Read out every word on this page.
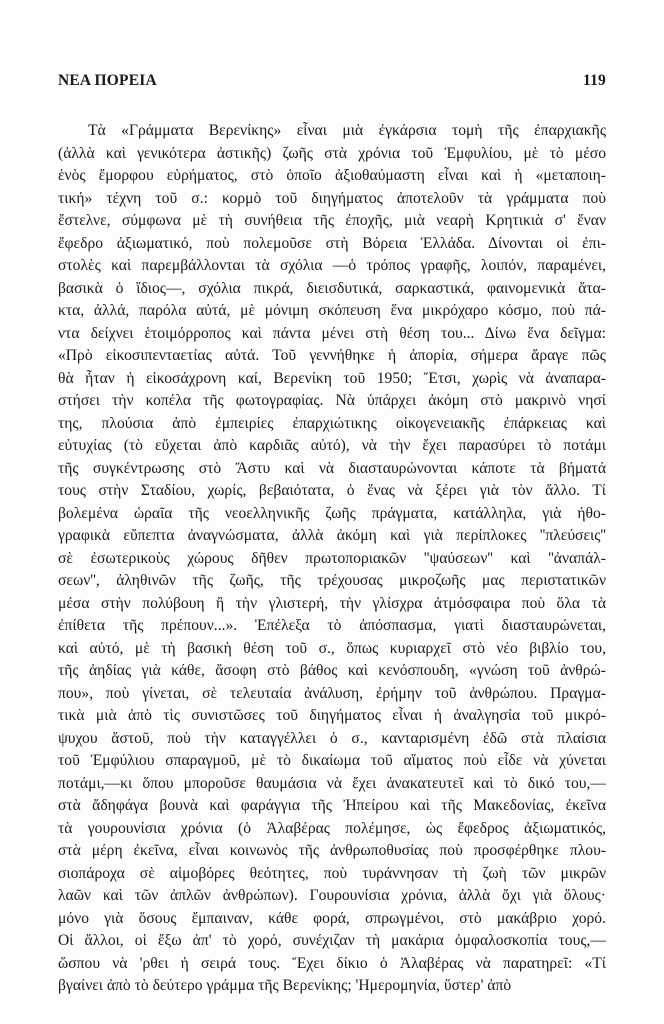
ΝΕΑ ΠΟΡΕΙΑ	119
Τὰ «Γράμματα Βερενίκης» εἶναι μιὰ ἐγκάρσια τομὴ τῆς ἐπαρχιακῆς
(ἀλλὰ καὶ γενικότερα ἀστικῆς) ζωῆς στὰ χρόνια τοῦ Ἐμφυλίου, μὲ τὸ μέσο
ἑνὸς ἔμορφου εὑρήματος, στὸ ὁποῖο ἀξιοθαύμαστη εἶναι καὶ ἡ «μεταποιη-
τική» τέχνη τοῦ σ.: κορμὸ τοῦ διηγήματος ἀποτελοῦν τὰ γράμματα ποὺ
ἔστελνε, σύμφωνα μὲ τὴ συνήθεια τῆς ἐποχῆς, μιὰ νεαρὴ Κρητικιὰ σ' ἕναν
ἔφεδρο ἀξιωματικό, ποὺ πολεμοῦσε στὴ Βόρεια Ἑλλάδα. Δίνονται οἱ ἐπι-
στολὲς καὶ παρεμβάλλονται τὰ σχόλια —ὁ τρόπος γραφῆς, λοιπόν, παραμένει,
βασικὰ ὁ ἴδιος—, σχόλια πικρά, διεισδυτικά, σαρκαστικά, φαινομενικὰ ἄτα-
κτα, ἀλλά, παρόλα αὐτά, μὲ μόνιμη σκόπευση ἕνα μικρόχαρο κόσμο, ποὺ πά-
ντα δείχνει ἑτοιμόρροπος καὶ πάντα μένει στὴ θέση του... Δίνω ἕνα δεῖγμα:
«Πρὸ εἰκοσιπενταετίας αὐτά. Τοῦ γεννήθηκε ἡ ἀπορία, σήμερα ἄραγε πῶς
θὰ ἦταν ἡ εἰκοσάχρονη καί, Βερενίκη τοῦ 1950; Ἔτσι, χωρὶς νὰ ἀναπαρα-
στήσει τὴν κοπέλα τῆς φωτογραφίας. Νὰ ὑπάρχει ἀκόμη στὸ μακρινὸ νησί
της, πλούσια ἀπὸ ἐμπειρίες ἐπαρχιώτικης οἰκογενειακῆς ἐπάρκειας καὶ
εὐτυχίας (τὸ εὔχεται ἀπὸ καρδιᾶς αὐτό), νὰ τὴν ἔχει παρασύρει τὸ ποτάμι
τῆς συγκέντρωσης στὸ Ἄστυ καὶ νὰ διασταυρώνονται κάποτε τὰ βήματά
τους στὴν Σταδίου, χωρίς, βεβαιότατα, ὁ ἕνας νὰ ξέρει γιὰ τὸν ἄλλο. Τί
βολεμένα ὡραῖα τῆς νεοελληνικῆς ζωῆς πράγματα, κατάλληλα, γιὰ ἠθο-
γραφικὰ εὔπεπτα ἀναγνώσματα, ἀλλὰ ἀκόμη καὶ γιὰ περίπλοκες ''πλεύσεις''
σὲ ἐσωτερικοὺς χώρους δῆθεν πρωτοποριακῶν ''ψαύσεων'' καὶ ''ἀναπάλ-
σεων'', ἀληθινῶν τῆς ζωῆς, τῆς τρέχουσας μικροζωῆς μας περιστατικῶν
μέσα στὴν πολύβουη ἢ τὴν γλιστερή, τὴν γλίσχρα ἀτμόσφαιρα ποὺ ὅλα τὰ
ἐπίθετα τῆς πρέπουν...». Ἐπέλεξα τὸ ἀπόσπασμα, γιατὶ διασταυρώνεται,
καὶ αὐτό, μὲ τὴ βασικὴ θέση τοῦ σ., ὅπως κυριαρχεῖ στὸ νέο βιβλίο του,
τῆς ἀηδίας γιὰ κάθε, ἄσοφη στὸ βάθος καὶ κενόσπουδη, «γνώση τοῦ ἀνθρώ-
που», ποὺ γίνεται, σὲ τελευταία ἀνάλυση, ἐρήμην τοῦ ἀνθρώπου. Πραγμα-
τικὰ μιὰ ἀπὸ τὶς συνιστῶσες τοῦ διηγήματος εἶναι ἡ ἀναλγησία τοῦ μικρό-
ψυχου ἄστοῦ, ποὺ τὴν καταγγέλλει ὁ σ., κανταρισμένη ἐδῶ στὰ πλαίσια
τοῦ Ἐμφύλιου σπαραγμοῦ, μὲ τὸ δικαίωμα τοῦ αἵματος ποὺ εἶδε νὰ χύνεται
ποτάμι,—κι ὅπου μποροῦσε θαυμάσια νὰ ἔχει ἀνακατευτεῖ καὶ τὸ δικό του,—
στὰ ἄδηφάγα βουνὰ καὶ φαράγγια τῆς Ἠπείρου καὶ τῆς Μακεδονίας, ἐκεῖνα
τὰ γουρουνίσια χρόνια (ὁ Ἀλαβέρας πολέμησε, ὡς ἔφεδρος ἀξιωματικός,
στὰ μέρη ἐκεῖνα, εἶναι κοινωνὸς τῆς ἀνθρωποθυσίας ποὺ προσφέρθηκε πλου-
σιοπάροχα σὲ αἱμοβόρες θεότητες, ποὺ τυράννησαν τὴ ζωὴ τῶν μικρῶν
λαῶν καὶ τῶν ἀπλῶν ἀνθρώπων). Γουρουνίσια χρόνια, ἀλλὰ ὄχι γιὰ ὅλους·
μόνο γιὰ ὅσους ἔμπαιναν, κάθε φορά, σπρωγμένοι, στὸ μακάβριο χορό.
Οἱ ἄλλοι, οἱ ἔξω ἀπ' τὸ χορό, συνέχιζαν τὴ μακάρια ὀμφαλοσκοπία τους,—
ὥσπου νὰ 'ρθει ἡ σειρά τους. Ἔχει δίκιο ὁ Ἀλαβέρας νὰ παρατηρεῖ: «Τί
βγαίνει ἀπὸ τὸ δεύτερο γράμμα τῆς Βερενίκης; 'Ημερομηνία, ὕστερ' ἀπὸ
